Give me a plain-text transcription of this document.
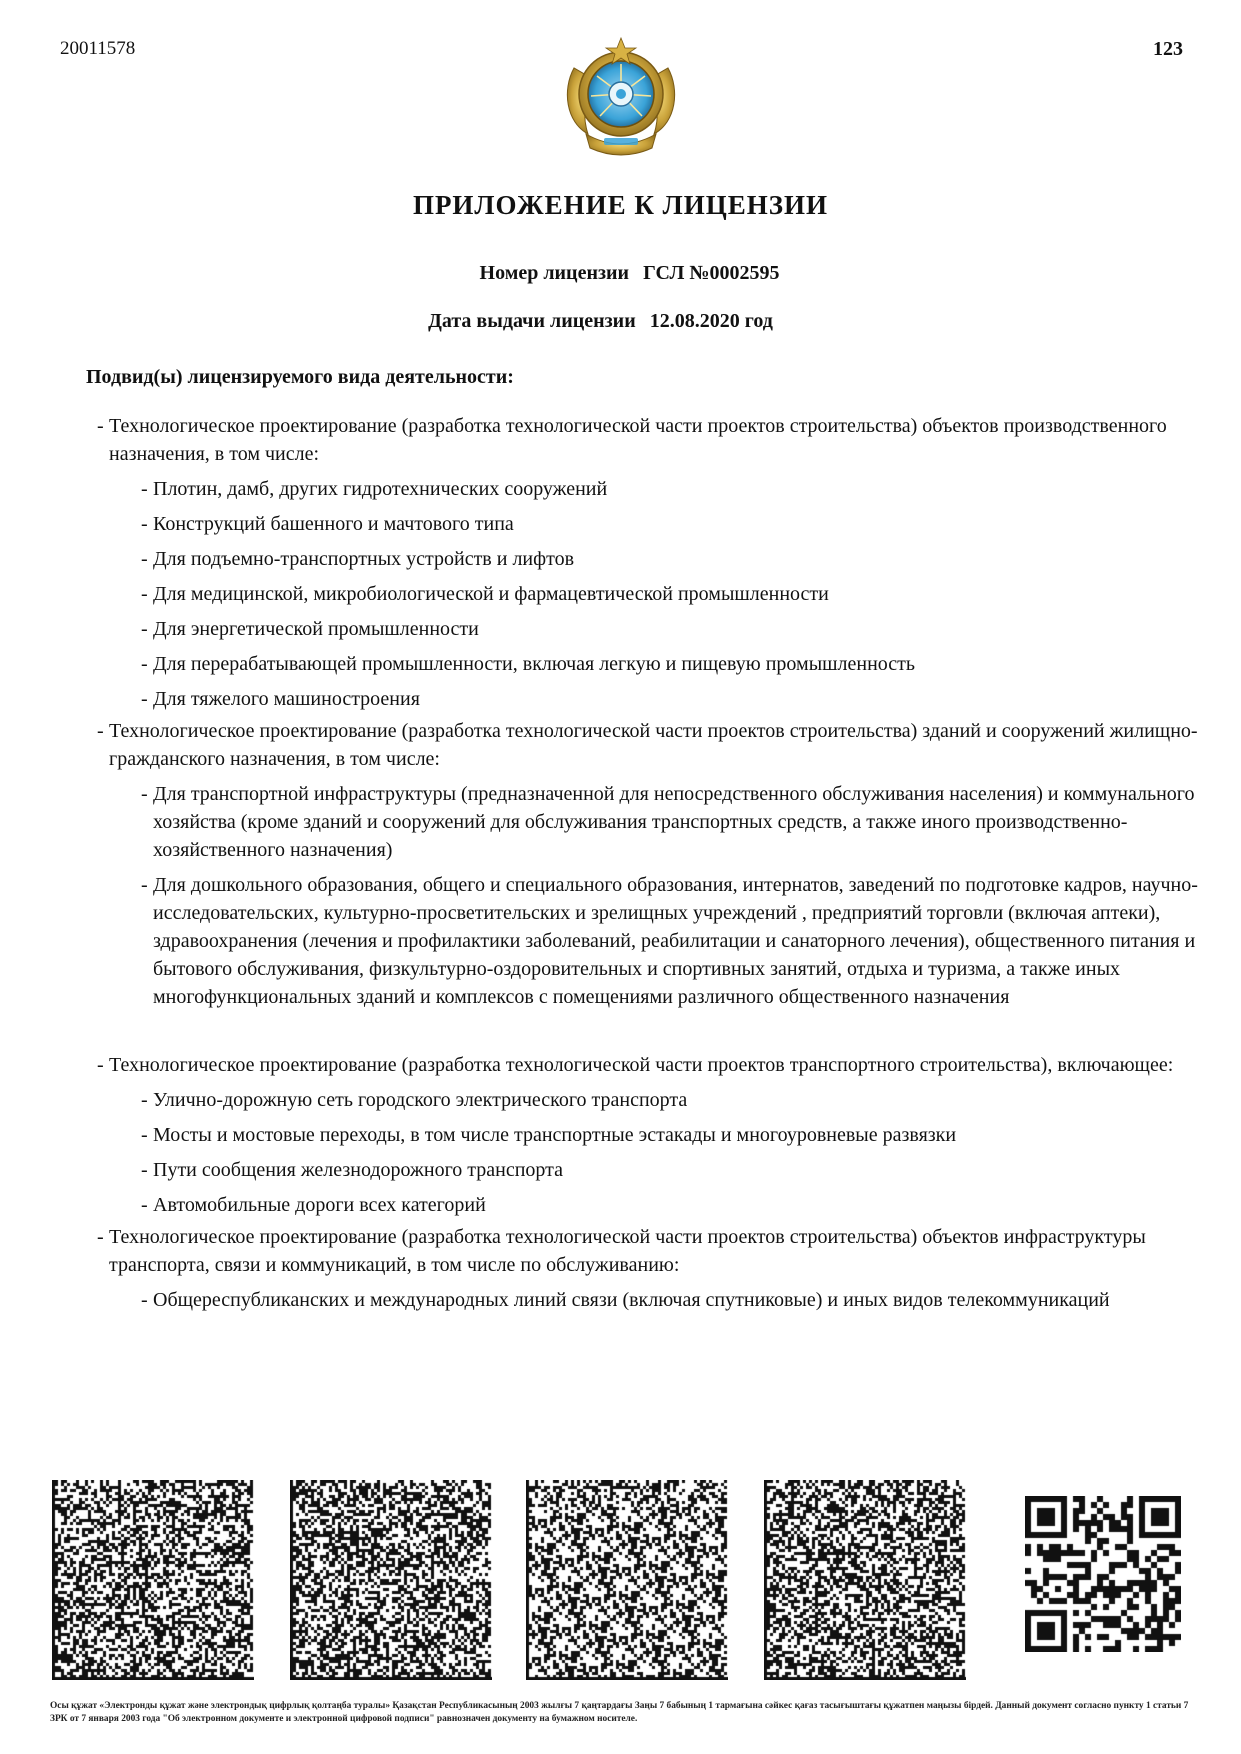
20011578	123
ПРИЛОЖЕНИЕ К ЛИЦЕНЗИИ
Номер лицензии ГСЛ №0002595
Дата выдачи лицензии 12.08.2020 год
Подвид(ы) лицензируемого вида деятельности:

- Технологическое проектирование (разработка технологической части проектов строительства) объектов производственного назначения, в том числе:

- Плотин, дамб, других гидротехнических сооружений

- Конструкций башенного и мачтового типа

- Для подъемно-транспортных устройств и лифтов

- Для медицинской, микробиологической и фармацевтической промышленности

- Для энергетической промышленности

- Для перерабатывающей промышленности, включая легкую и пищевую промышленность

- Для тяжелого машиностроения

- Технологическое проектирование (разработка технологической части проектов строительства) зданий и сооружений жилищно-гражданского назначения, в том числе:

- Для транспортной инфраструктуры (предназначенной для непосредственного обслуживания населения) и коммунального хозяйства (кроме зданий и сооружений для обслуживания транспортных средств, а также иного производственно-хозяйственного назначения)

- Для дошкольного образования, общего и специального образования, интернатов, заведений по подготовке кадров, научно-исследовательских, культурно-просветительских и зрелищных учреждений , предприятий торговли (включая аптеки), здравоохранения (лечения и профилактики заболеваний, реабилитации и санаторного лечения), общественного питания и бытового обслуживания, физкультурно-оздоровительных и спортивных занятий, отдыха и туризма, а также иных многофункциональных зданий и комплексов с помещениями различного общественного назначения

- Технологическое проектирование (разработка технологической части проектов транспортного строительства), включающее:

- Улично-дорожную сеть городского электрического транспорта

- Мосты и мостовые переходы, в том числе транспортные эстакады и многоуровневые развязки

- Пути сообщения железнодорожного транспорта

- Автомобильные дороги всех категорий

- Технологическое проектирование (разработка технологической части проектов строительства) объектов инфраструктуры транспорта, связи и коммуникаций, в том числе по обслуживанию:

- Общереспубликанских и международных линий связи (включая спутниковые) и иных видов телекоммуникаций

Осы құжат «Электронды құжат және электрондық цифрлық қолтаңба туралы» Қазақстан Республикасының 2003 жылғы 7 қаңтардағы Заңы 7 бабының 1 тармағына сәйкес қағаз тасығыштағы құжатпен маңызы бірдей. Данный документ согласно пункту 1 статьи 7 ЗРК от 7 января 2003 года "Об электронном документе и электронной цифровой подписи" равнозначен документу на бумажном носителе.
